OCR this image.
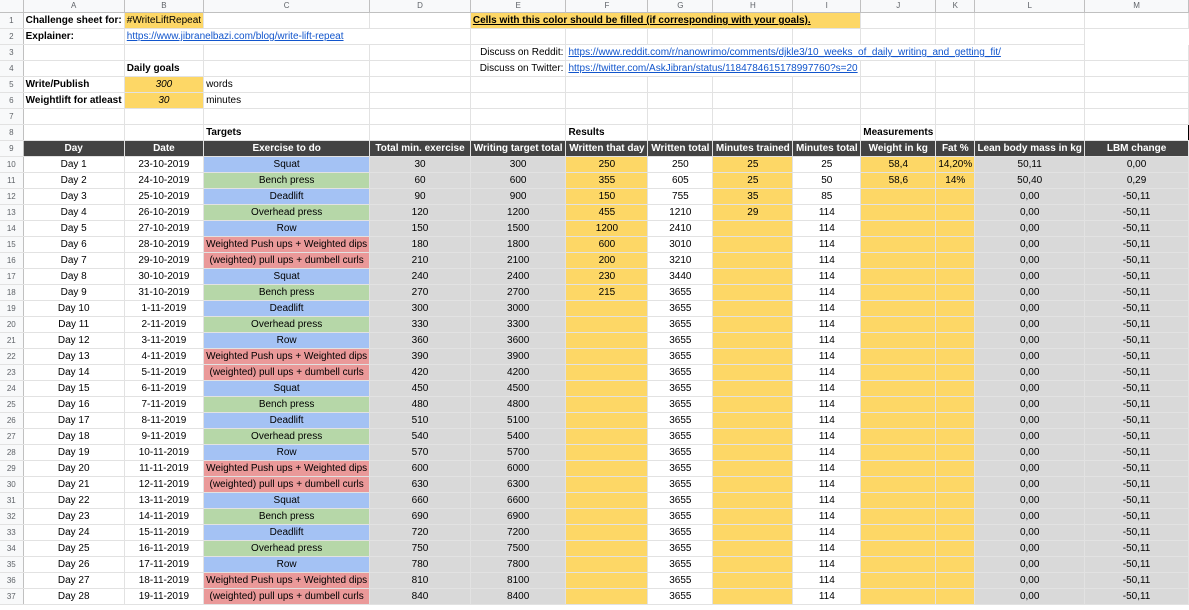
	A	B	C	D	E	F	G	H	I	J	K	L	M
1	Challenge sheet for:	#WriteLiftRepeat			Cells with this color should be filled (if corresponding with your goals).								
2	Explainer:	https://www.jibranelbazi.com/blog/write-lift-repeat											
3					Discuss on Reddit:	https://www.reddit.com/r/nanowrimo/comments/djkle3/10_weeks_of_daily_writing_and_getting_fit/							
4		Daily goals			Discuss on Twitter:	https://twitter.com/AskJibran/status/1184784615178997760?s=20							
5	Write/Publish	300	words										
6	Weightlift for atleast	30	minutes										
7													
8			Targets			Results				Measurements			
9	Day	Date	Exercise to do	Total min. exercise	Writing target total	Written that day	Written total	Minutes trained	Minutes total	Weight in kg	Fat %	Lean body mass in kg	LBM change
10	Day 1	23-10-2019	Squat	30	300	250	250	25	25	58,4	14,20%	50,11	0,00
11	Day 2	24-10-2019	Bench press	60	600	355	605	25	50	58,6	14%	50,40	0,29
12	Day 3	25-10-2019	Deadlift	90	900	150	755	35	85			0,00	-50,11
13	Day 4	26-10-2019	Overhead press	120	1200	455	1210	29	114			0,00	-50,11
14	Day 5	27-10-2019	Row	150	1500	1200	2410		114			0,00	-50,11
15	Day 6	28-10-2019	Weighted Push ups + Weighted dips	180	1800	600	3010		114			0,00	-50,11
16	Day 7	29-10-2019	(weighted) pull ups + dumbell curls	210	2100	200	3210		114			0,00	-50,11
17	Day 8	30-10-2019	Squat	240	2400	230	3440		114			0,00	-50,11
18	Day 9	31-10-2019	Bench press	270	2700	215	3655		114			0,00	-50,11
19	Day 10	1-11-2019	Deadlift	300	3000		3655		114			0,00	-50,11
20	Day 11	2-11-2019	Overhead press	330	3300		3655		114			0,00	-50,11
21	Day 12	3-11-2019	Row	360	3600		3655		114			0,00	-50,11
22	Day 13	4-11-2019	Weighted Push ups + Weighted dips	390	3900		3655		114			0,00	-50,11
23	Day 14	5-11-2019	(weighted) pull ups + dumbell curls	420	4200		3655		114			0,00	-50,11
24	Day 15	6-11-2019	Squat	450	4500		3655		114			0,00	-50,11
25	Day 16	7-11-2019	Bench press	480	4800		3655		114			0,00	-50,11
26	Day 17	8-11-2019	Deadlift	510	5100		3655		114			0,00	-50,11
27	Day 18	9-11-2019	Overhead press	540	5400		3655		114			0,00	-50,11
28	Day 19	10-11-2019	Row	570	5700		3655		114			0,00	-50,11
29	Day 20	11-11-2019	Weighted Push ups + Weighted dips	600	6000		3655		114			0,00	-50,11
30	Day 21	12-11-2019	(weighted) pull ups + dumbell curls	630	6300		3655		114			0,00	-50,11
31	Day 22	13-11-2019	Squat	660	6600		3655		114			0,00	-50,11
32	Day 23	14-11-2019	Bench press	690	6900		3655		114			0,00	-50,11
33	Day 24	15-11-2019	Deadlift	720	7200		3655		114			0,00	-50,11
34	Day 25	16-11-2019	Overhead press	750	7500		3655		114			0,00	-50,11
35	Day 26	17-11-2019	Row	780	7800		3655		114			0,00	-50,11
36	Day 27	18-11-2019	Weighted Push ups + Weighted dips	810	8100		3655		114			0,00	-50,11
37	Day 28	19-11-2019	(weighted) pull ups + dumbell curls	840	8400		3655		114			0,00	-50,11
